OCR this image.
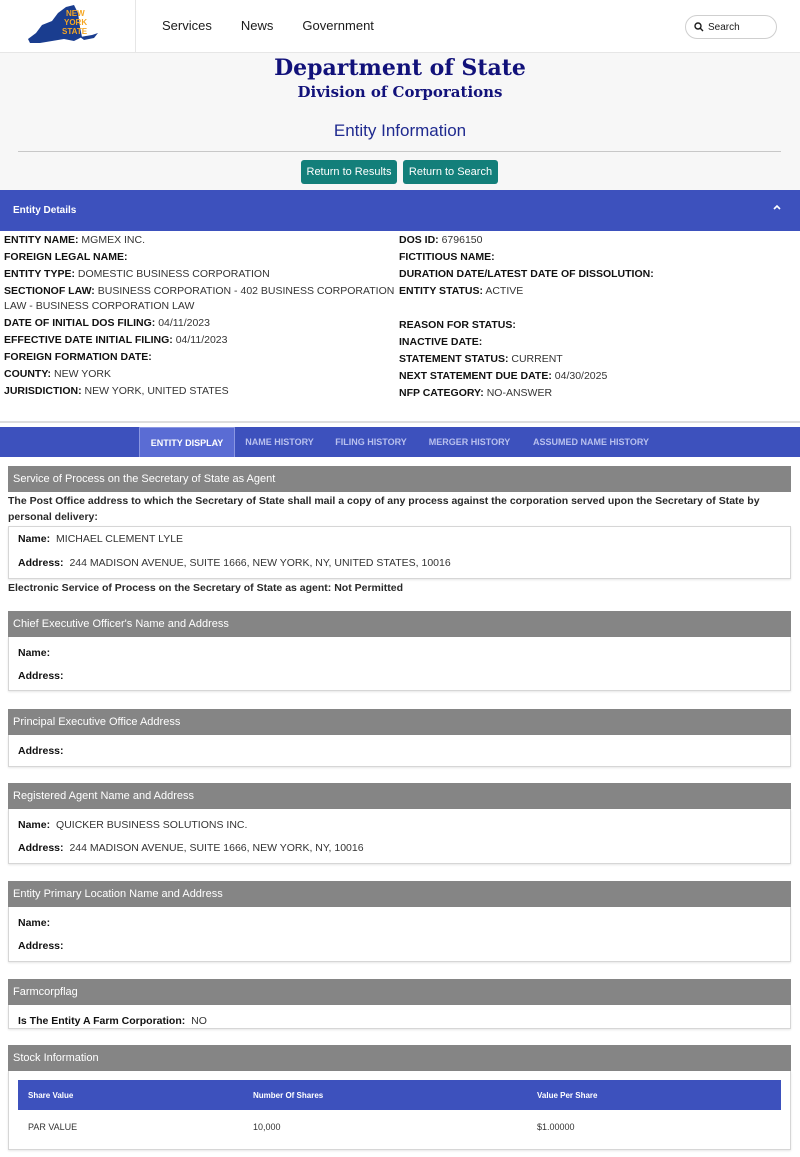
NEW
YORK
STATE	Services News Government	Search
Department of State
Division of Corporations
Entity Information
Return to Results	Return to Search
Entity Details
ENTITY NAME: MGMEX INC.
FOREIGN LEGAL NAME:
ENTITY TYPE: DOMESTIC BUSINESS CORPORATION
SECTIONOF LAW: BUSINESS CORPORATION - 402 BUSINESS CORPORATION LAW - BUSINESS CORPORATION LAW
DATE OF INITIAL DOS FILING: 04/11/2023
EFFECTIVE DATE INITIAL FILING: 04/11/2023
FOREIGN FORMATION DATE:
COUNTY: NEW YORK
JURISDICTION: NEW YORK, UNITED STATES
DOS ID: 6796150
FICTITIOUS NAME:
DURATION DATE/LATEST DATE OF DISSOLUTION:
ENTITY STATUS: ACTIVE
REASON FOR STATUS:
INACTIVE DATE:
STATEMENT STATUS: CURRENT
NEXT STATEMENT DUE DATE: 04/30/2025
NFP CATEGORY: NO-ANSWER
ENTITY DISPLAY	NAME HISTORY	FILING HISTORY	MERGER HISTORY	ASSUMED NAME HISTORY
Service of Process on the Secretary of State as Agent
The Post Office address to which the Secretary of State shall mail a copy of any process against the corporation served upon the Secretary of State by personal delivery:
Name: MICHAEL CLEMENT LYLE
Address: 244 MADISON AVENUE, SUITE 1666, NEW YORK, NY, UNITED STATES, 10016
Electronic Service of Process on the Secretary of State as agent: Not Permitted
Chief Executive Officer's Name and Address
Name:
Address:
Principal Executive Office Address
Address:
Registered Agent Name and Address
Name: QUICKER BUSINESS SOLUTIONS INC.
Address: 244 MADISON AVENUE, SUITE 1666, NEW YORK, NY, 10016
Entity Primary Location Name and Address
Name:
Address:
Farmcorpflag
Is The Entity A Farm Corporation: NO
Stock Information
Share Value	Number Of Shares	Value Per Share
PAR VALUE	10,000	$1.00000
